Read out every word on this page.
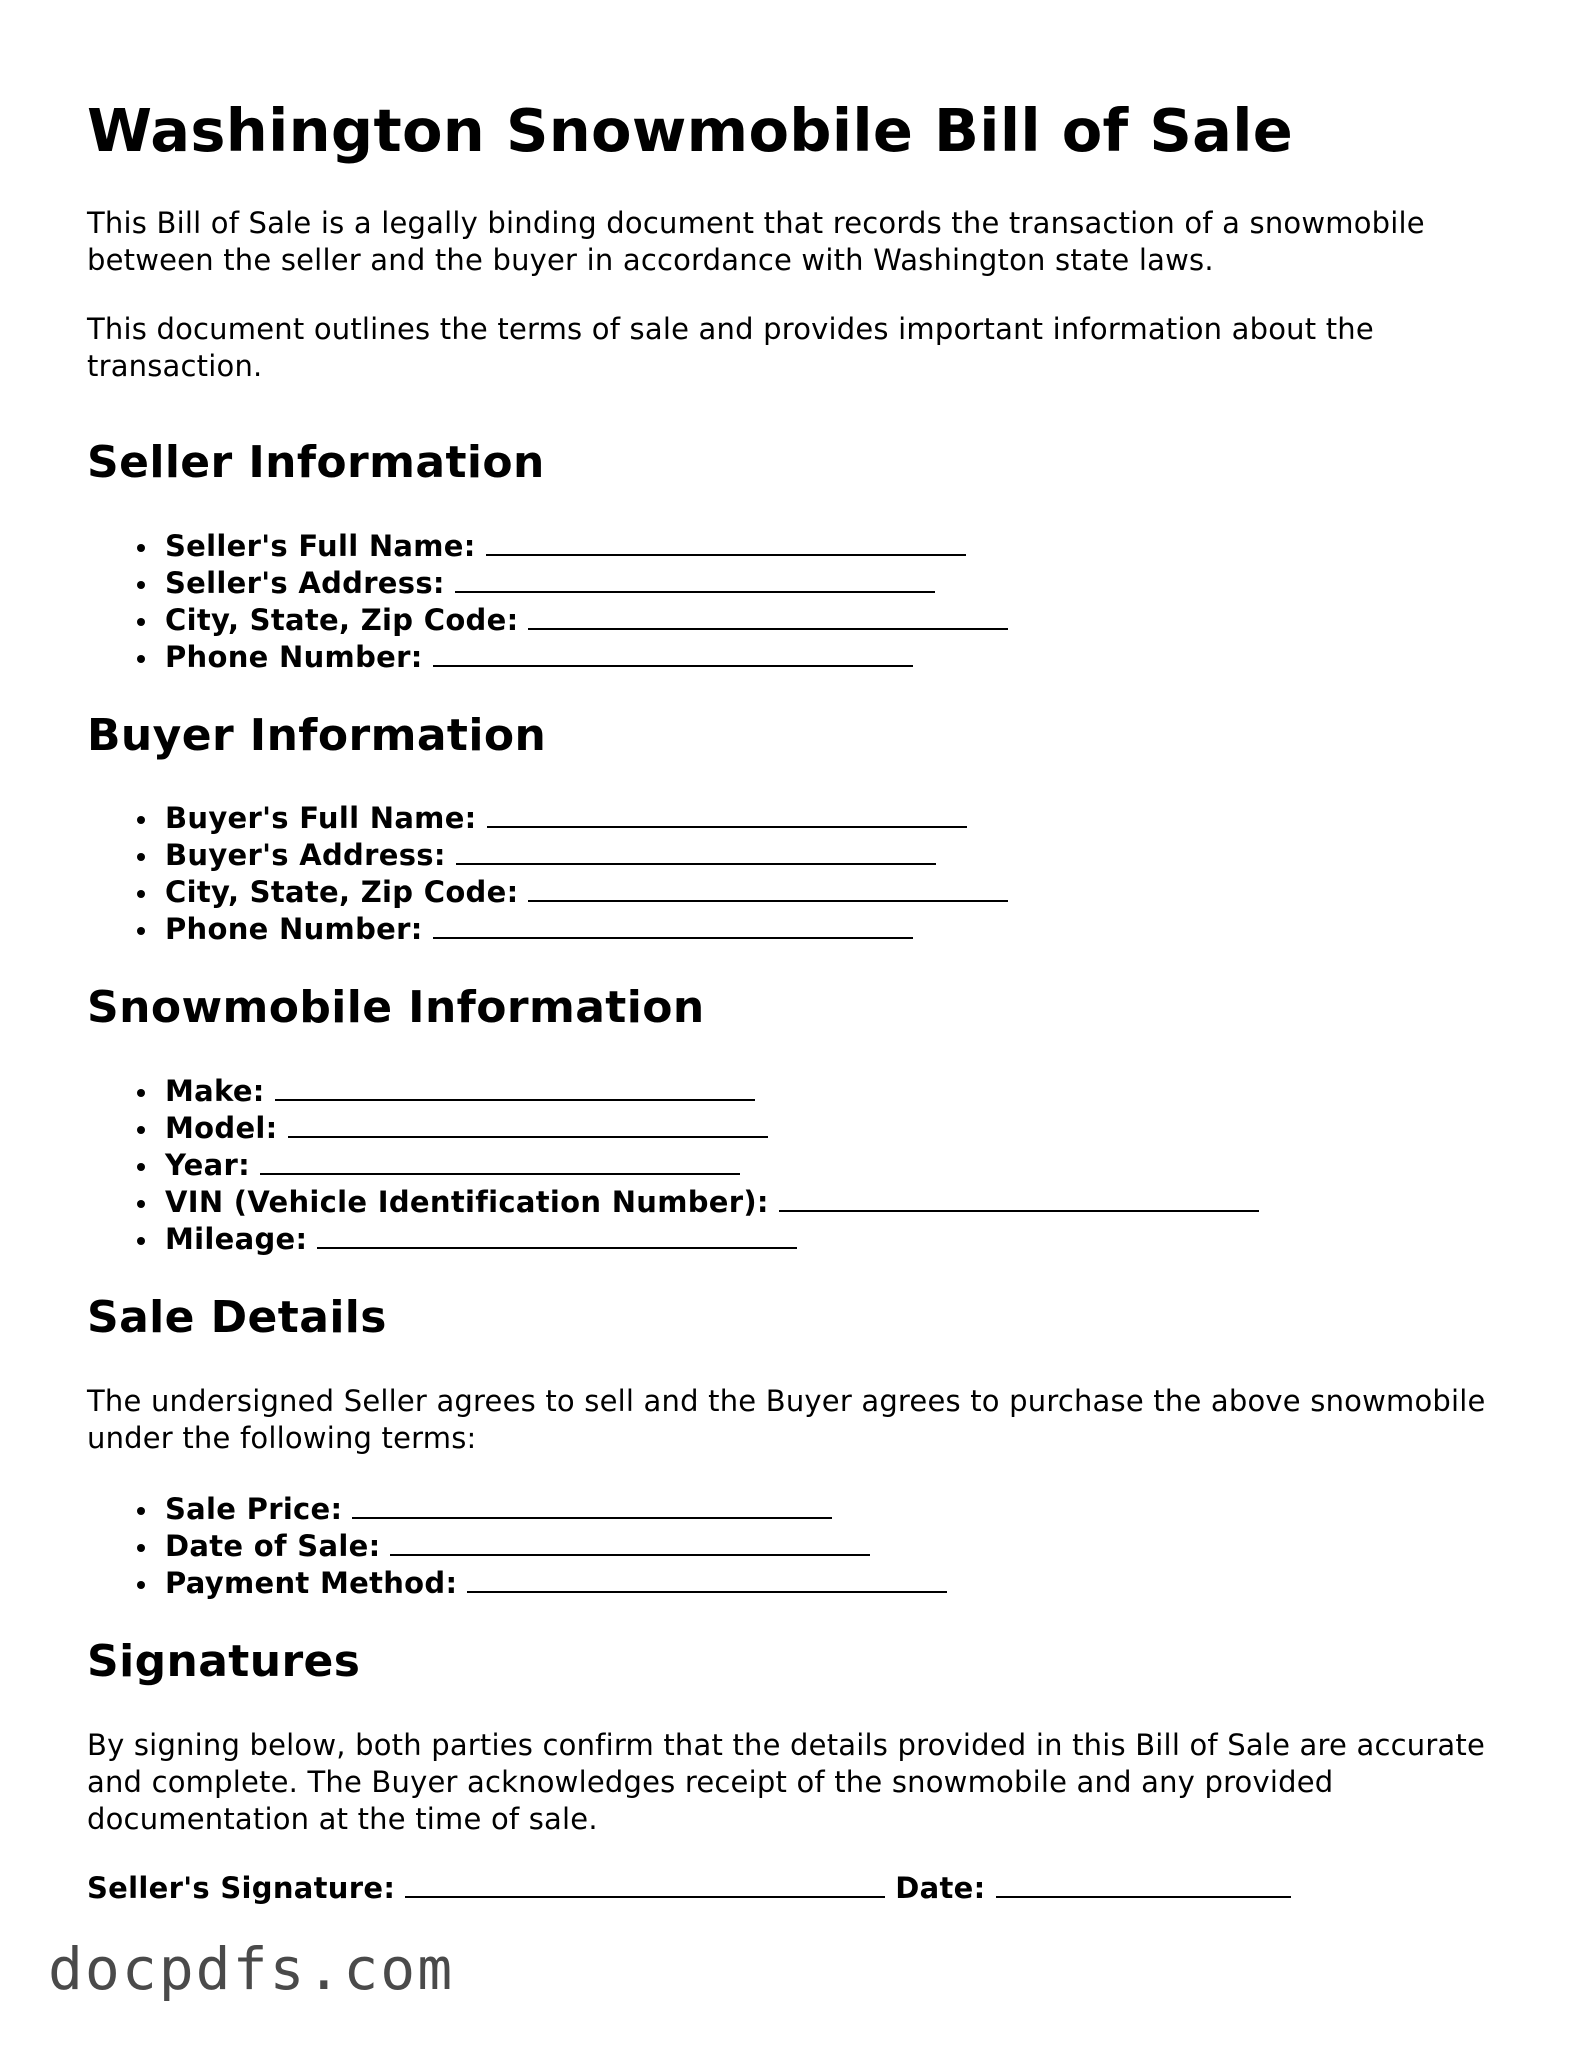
Washington Snowmobile Bill of Sale

This Bill of Sale is a legally binding document that records the transaction of a snowmobile between the seller and the buyer in accordance with Washington state laws.

This document outlines the terms of sale and provides important information about the transaction.

Seller Information
Seller's Full Name:
Seller's Address:
City, State, Zip Code:
Phone Number:
Buyer Information
Buyer's Full Name:
Buyer's Address:
City, State, Zip Code:
Phone Number:
Snowmobile Information
Make:
Model:
Year:
VIN (Vehicle Identification Number):
Mileage:
Sale Details

The undersigned Seller agrees to sell and the Buyer agrees to purchase the above snowmobile under the following terms:

Sale Price:
Date of Sale:
Payment Method:
Signatures

By signing below, both parties confirm that the details provided in this Bill of Sale are accurate and complete. The Buyer acknowledges receipt of the snowmobile and any provided documentation at the time of sale.

Seller's Signature:	Date:
docpdfs.com
